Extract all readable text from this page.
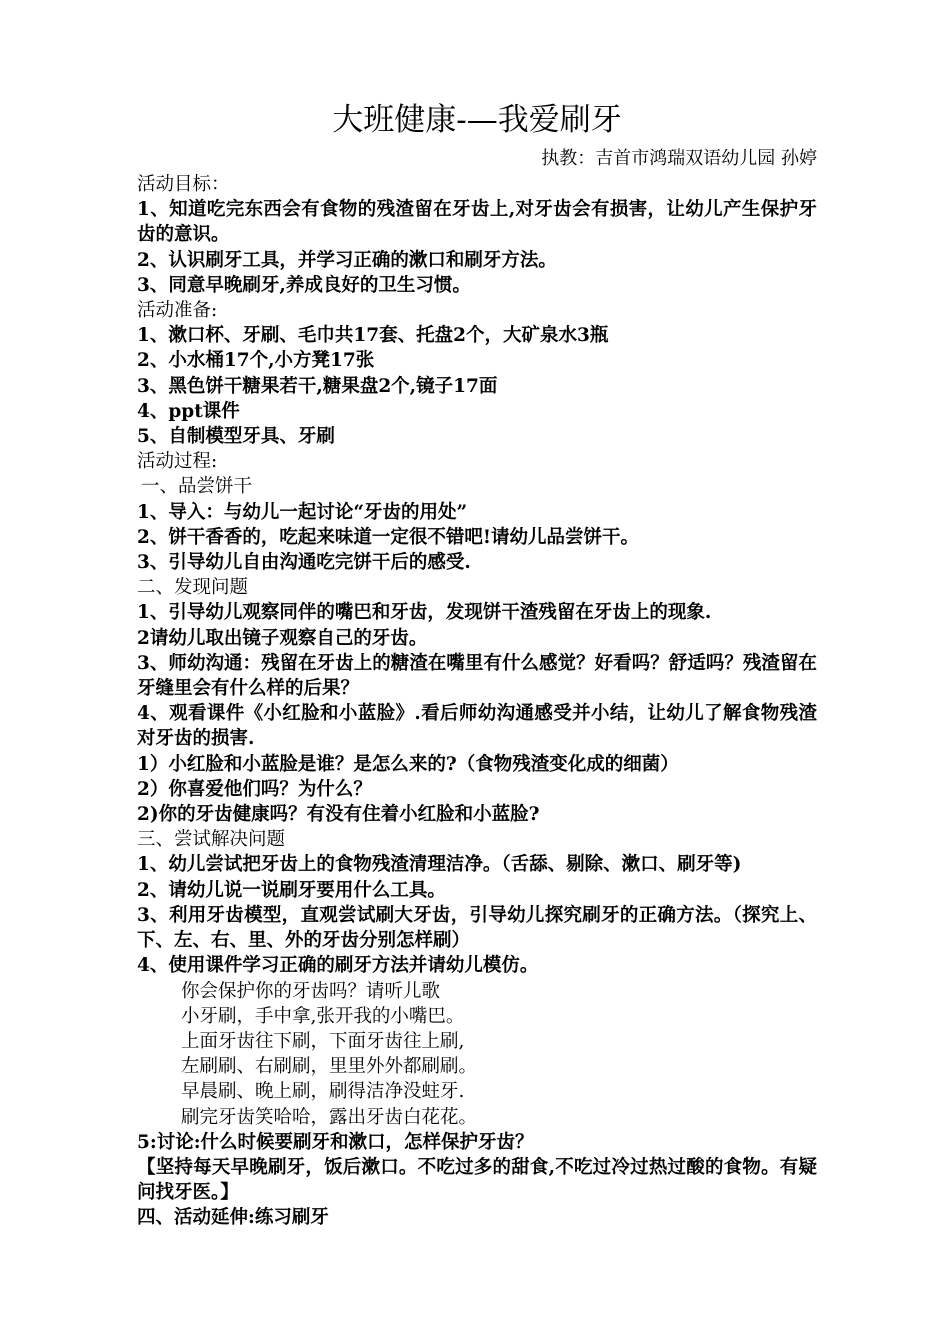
大班健康-—我爱刷牙
执教：吉首市鸿瑞双语幼儿园 孙婷
活动目标：
1、知道吃完东西会有食物的残渣留在牙齿上,对牙齿会有损害，让幼儿产生保护牙齿的意识。
2、认识刷牙工具，并学习正确的漱口和刷牙方法。
3、同意早晚刷牙,养成良好的卫生习惯。
活动准备:
1、漱口杯、牙刷、毛巾共17套、托盘2个，大矿泉水3瓶
2、小水桶17个,小方凳17张
3、黑色饼干糖果若干,糖果盘2个,镜子17面
4、ppt课件
5、自制模型牙具、牙刷
活动过程:
一、品尝饼干
1、导入：与幼儿一起讨论“牙齿的用处”
2、饼干香香的，吃起来味道一定很不错吧!请幼儿品尝饼干。
3、引导幼儿自由沟通吃完饼干后的感受.
二、发现问题
1、引导幼儿观察同伴的嘴巴和牙齿，发现饼干渣残留在牙齿上的现象.
2请幼儿取出镜子观察自己的牙齿。
3、师幼沟通：残留在牙齿上的糖渣在嘴里有什么感觉？好看吗？舒适吗？残渣留在牙缝里会有什么样的后果？
4、观看课件《小红脸和小蓝脸》.看后师幼沟通感受并小结，让幼儿了解食物残渣对牙齿的损害.
1）小红脸和小蓝脸是谁？是怎么来的?（食物残渣变化成的细菌）
2）你喜爱他们吗？为什么？
2)你的牙齿健康吗？有没有住着小红脸和小蓝脸?
三、尝试解决问题
1、幼儿尝试把牙齿上的食物残渣清理洁净。（舌舔、剔除、漱口、刷牙等)
2、请幼儿说一说刷牙要用什么工具。
3、利用牙齿模型，直观尝试刷大牙齿，引导幼儿探究刷牙的正确方法。（探究上、下、左、右、里、外的牙齿分别怎样刷）
4、使用课件学习正确的刷牙方法并请幼儿模仿。
你会保护你的牙齿吗？请听儿歌
小牙刷，手中拿,张开我的小嘴巴。
上面牙齿往下刷，下面牙齿往上刷,
左刷刷、右刷刷，里里外外都刷刷。
早晨刷、晚上刷，刷得洁净没蛀牙.
刷完牙齿笑哈哈，露出牙齿白花花。
5:讨论:什么时候要刷牙和漱口，怎样保护牙齿？
【坚持每天早晚刷牙，饭后漱口。不吃过多的甜食,不吃过冷过热过酸的食物。有疑问找牙医。】
四、活动延伸:练习刷牙
